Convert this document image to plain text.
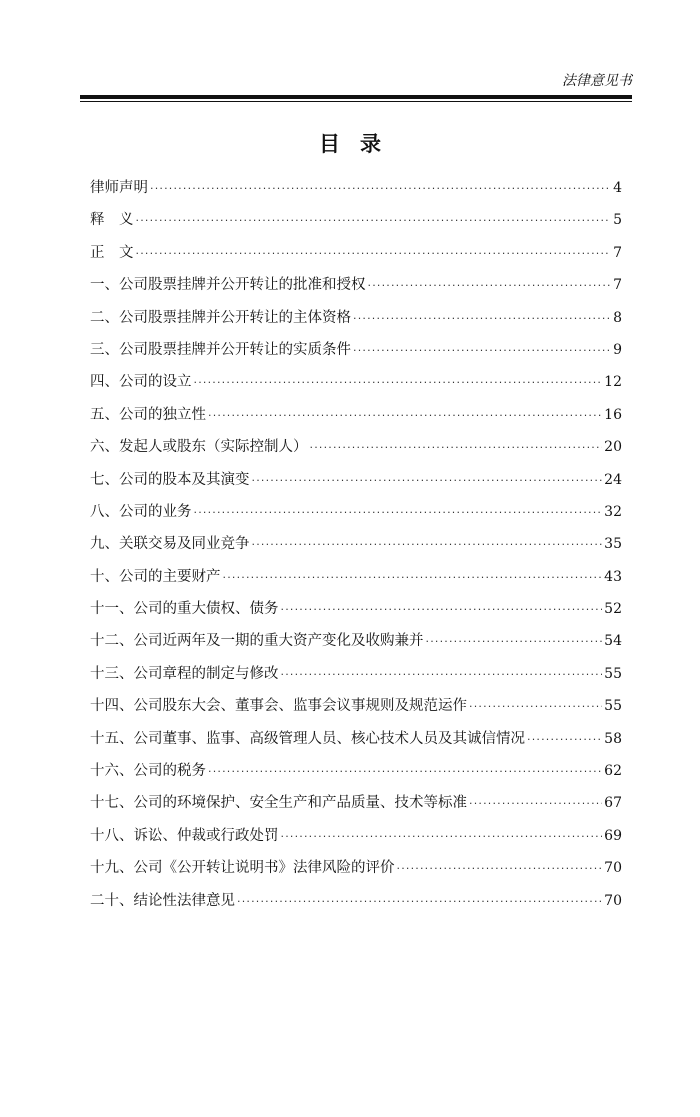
法律意见书
目录
律师声明 ·····	4
释　义 ·····	5
正　文 ·····	7
一、公司股票挂牌并公开转让的批准和授权 ·····	7
二、公司股票挂牌并公开转让的主体资格 ·····	8
三、公司股票挂牌并公开转让的实质条件 ·····	9
四、公司的设立 ·····	12
五、公司的独立性 ·····	16
六、发起人或股东（实际控制人） ·····	20
七、公司的股本及其演变 ·····	24
八、公司的业务 ·····	32
九、关联交易及同业竞争 ·····	35
十、公司的主要财产 ·····	43
十一、公司的重大债权、债务 ·····	52
十二、公司近两年及一期的重大资产变化及收购兼并 ·····	54
十三、公司章程的制定与修改 ·····	55
十四、公司股东大会、董事会、监事会议事规则及规范运作 ·····	55
十五、公司董事、监事、高级管理人员、核心技术人员及其诚信情况 ·····	58
十六、公司的税务 ·····	62
十七、公司的环境保护、安全生产和产品质量、技术等标准 ·····	67
十八、诉讼、仲裁或行政处罚 ·····	69
十九、公司《公开转让说明书》法律风险的评价 ·····	70
二十、结论性法律意见 ·····	70
